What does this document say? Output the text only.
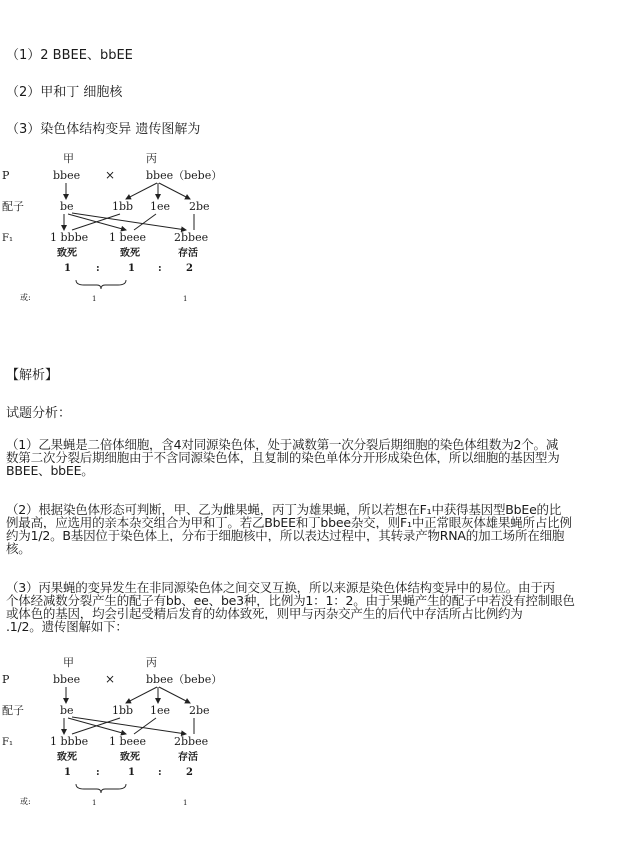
（1）2 BBEE、bbEE
（2）甲和丁 细胞核
（3）染色体结构变异 遗传图解为
甲	丙
P	bbee ×	bbee（bebe）
配子	be	1bb 1ee 2be
F₁	1 bbbe 1 beee	2bbee
致死	致死	存活
1	:	1 : 2
或:	1	1
【解析】
试题分析：
（1）乙果蝇是二倍体细胞，含4对同源染色体，处于减数第一次分裂后期细胞的染色体组数为2个。减
数第二次分裂后期细胞由于不含同源染色体，且复制的染色单体分开形成染色体，所以细胞的基因型为
BBEE、bbEE。
（2）根据染色体形态可判断，甲、乙为雌果蝇，丙丁为雄果蝇，所以若想在F₁中获得基因型BbEe的比
例最高，应选用的亲本杂交组合为甲和丁。若乙BbEE和丁bbee杂交，则F₁中正常眼灰体雄果蝇所占比例
约为1/2。B基因位于染色体上，分布于细胞核中，所以表达过程中，其转录产物RNA的加工场所在细胞
核。
（3）丙果蝇的变异发生在非同源染色体之间交叉互换，所以来源是染色体结构变异中的易位。由于丙
个体经减数分裂产生的配子有bb、ee、be3种，比例为1：1：2。由于果蝇产生的配子中若没有控制眼色
或体色的基因，均会引起受精后发育的幼体致死，则甲与丙杂交产生的后代中存活所占比例约为
.1/2。遗传图解如下：
甲	丙
P	bbee ×	bbee（bebe）
配子	be	1bb 1ee 2be
F₁	1 bbbe 1 beee	2bbee
致死	致死	存活
1	:	1 : 2
或:	1	1
